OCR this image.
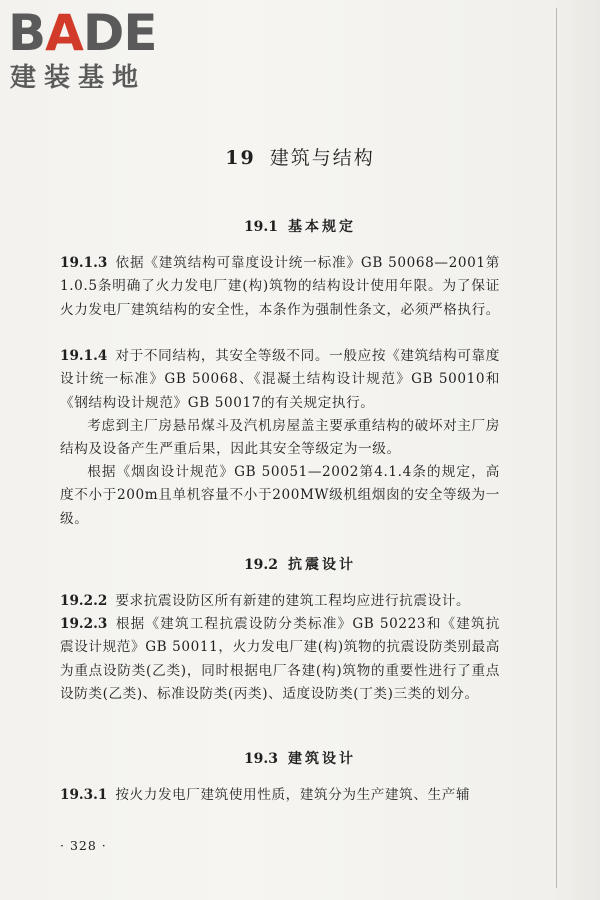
BADE
建装基地
19 建筑与结构
19.1 基本规定
19.1.3 依据《建筑结构可靠度设计统一标准》GB 50068—2001第1.0.5条明确了火力发电厂建(构)筑物的结构设计使用年限。为了保证火力发电厂建筑结构的安全性，本条作为强制性条文，必须严格执行。
19.1.4 对于不同结构，其安全等级不同。一般应按《建筑结构可靠度设计统一标准》GB 50068、《混凝土结构设计规范》GB 50010和《钢结构设计规范》GB 50017的有关规定执行。
考虑到主厂房悬吊煤斗及汽机房屋盖主要承重结构的破坏对主厂房结构及设备产生严重后果，因此其安全等级定为一级。
根据《烟囱设计规范》GB 50051—2002第4.1.4条的规定，高度不小于200m且单机容量不小于200MW级机组烟囱的安全等级为一级。
19.2 抗震设计
19.2.2 要求抗震设防区所有新建的建筑工程均应进行抗震设计。
19.2.3 根据《建筑工程抗震设防分类标准》GB 50223和《建筑抗震设计规范》GB 50011，火力发电厂建(构)筑物的抗震设防类别最高为重点设防类(乙类)，同时根据电厂各建(构)筑物的重要性进行了重点设防类(乙类)、标准设防类(丙类)、适度设防类(丁类)三类的划分。
19.3 建筑设计
19.3.1 按火力发电厂建筑使用性质，建筑分为生产建筑、生产辅
· 328 ·
